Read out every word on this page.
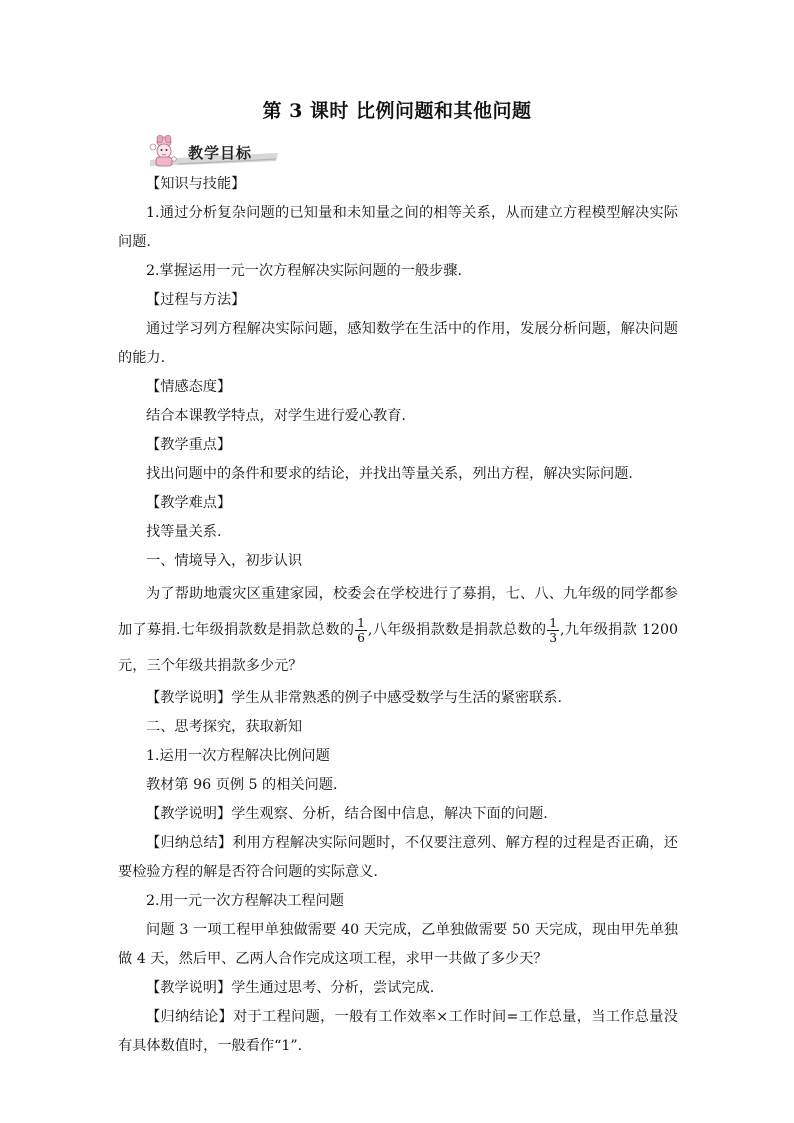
第 3 课时 比例问题和其他问题
教学目标

【知识与技能】

1.通过分析复杂问题的已知量和未知量之间的相等关系，从而建立方程模型解决实际问题.

2.掌握运用一元一次方程解决实际问题的一般步骤.

【过程与方法】

通过学习列方程解决实际问题，感知数学在生活中的作用，发展分析问题，解决问题的能力.

【情感态度】

结合本课教学特点，对学生进行爱心教育.

【教学重点】

找出问题中的条件和要求的结论，并找出等量关系，列出方程，解决实际问题.

【教学难点】

找等量关系.

一、情境导入，初步认识

为了帮助地震灾区重建家园，校委会在学校进行了募捐，七、八、九年级的同学都参加了募捐.七年级捐款数是捐款总数的 $\frac{1}{6}$ ,八年级捐款数是捐款总数的 $\frac{1}{3}$ ,九年级捐款 1200 元，三个年级共捐款多少元？

【教学说明】学生从非常熟悉的例子中感受数学与生活的紧密联系.

二、思考探究，获取新知

1.运用一次方程解决比例问题

教材第 96 页例 5 的相关问题.

【教学说明】学生观察、分析，结合图中信息，解决下面的问题.

【归纳总结】利用方程解决实际问题时，不仅要注意列、解方程的过程是否正确，还要检验方程的解是否符合问题的实际意义.

2.用一元一次方程解决工程问题

问题 3 一项工程甲单独做需要 40 天完成，乙单独做需要 50 天完成，现由甲先单独做 4 天，然后甲、乙两人合作完成这项工程，求甲一共做了多少天？

【教学说明】学生通过思考、分析，尝试完成.

【归纳结论】对于工程问题，一般有工作效率×工作时间=工作总量，当工作总量没有具体数值时，一般看作“1”.
